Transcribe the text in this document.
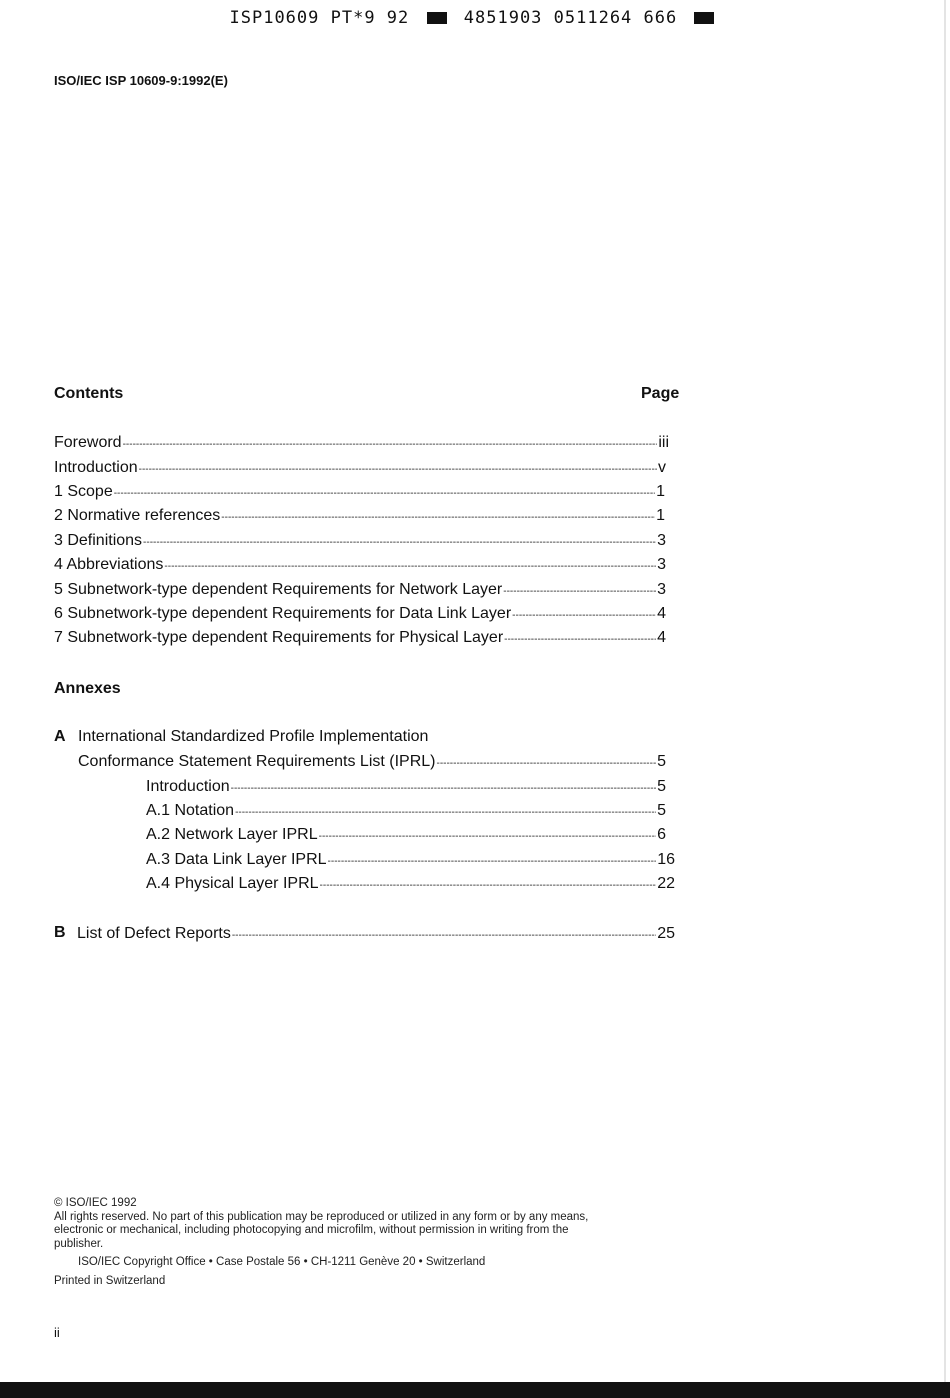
ISP10609 PT*9 92	4851903 0511264 666
ISO/IEC ISP 10609-9:1992(E)
Contents	Page
Foreword -----	iii
Introduction -----	v
1 Scope -----	1
2 Normative references -----	1
3 Definitions -----	3
4 Abbreviations -----	3
5 Subnetwork-type dependent Requirements for Network Layer -----	3
6 Subnetwork-type dependent Requirements for Data Link Layer -----	4
7 Subnetwork-type dependent Requirements for Physical Layer -----	4
Annexes
A International Standardized Profile Implementation
Conformance Statement Requirements List (IPRL) -----	5
Introduction -----	5
A.1 Notation -----	5
A.2 Network Layer IPRL -----	6
A.3 Data Link Layer IPRL -----	16
A.4 Physical Layer IPRL -----	22
B List of Defect Reports -----	25

© ISO/IEC 1992

All rights reserved. No part of this publication may be reproduced or utilized in any form or by any means, electronic or mechanical, including photocopying and microfilm, without permission in writing from the publisher.

ISO/IEC Copyright Office • Case Postale 56 • CH-1211 Genève 20 • Switzerland

Printed in Switzerland

ii
